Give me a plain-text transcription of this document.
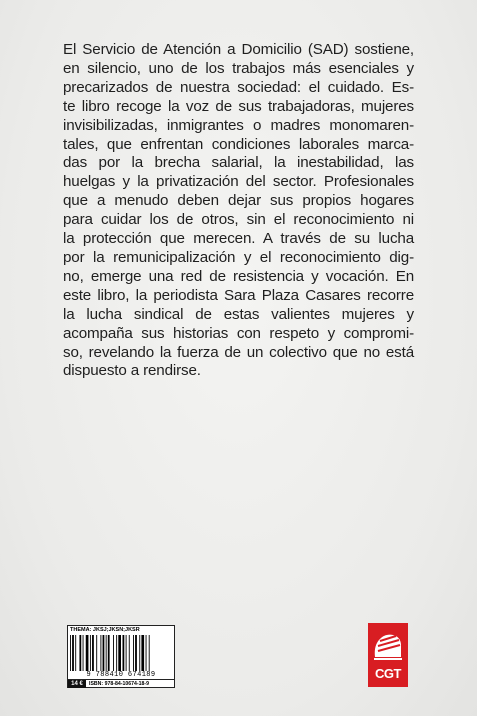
El Servicio de Atención a Domicilio (SAD) sostiene,
en silencio, uno de los trabajos más esenciales y
precarizados de nuestra sociedad: el cuidado. Es-
te libro recoge la voz de sus trabajadoras, mujeres
invisibilizadas, inmigrantes o madres monomaren-
tales, que enfrentan condiciones laborales marca-
das por la brecha salarial, la inestabilidad, las
huelgas y la privatización del sector. Profesionales
que a menudo deben dejar sus propios hogares
para cuidar los de otros, sin el reconocimiento ni
la protección que merecen. A través de su lucha
por la remunicipalización y el reconocimiento dig-
no, emerge una red de resistencia y vocación. En
este libro, la periodista Sara Plaza Casares recorre
la lucha sindical de estas valientes mujeres y
acompaña sus historias con respeto y compromi-
so, revelando la fuerza de un colectivo que no está
dispuesto a rendirse.
THEMA: JKSJ;JKSN;JKSR
9 788410 674189
14 €	ISBN: 978-84-10674-18-9
CGT
